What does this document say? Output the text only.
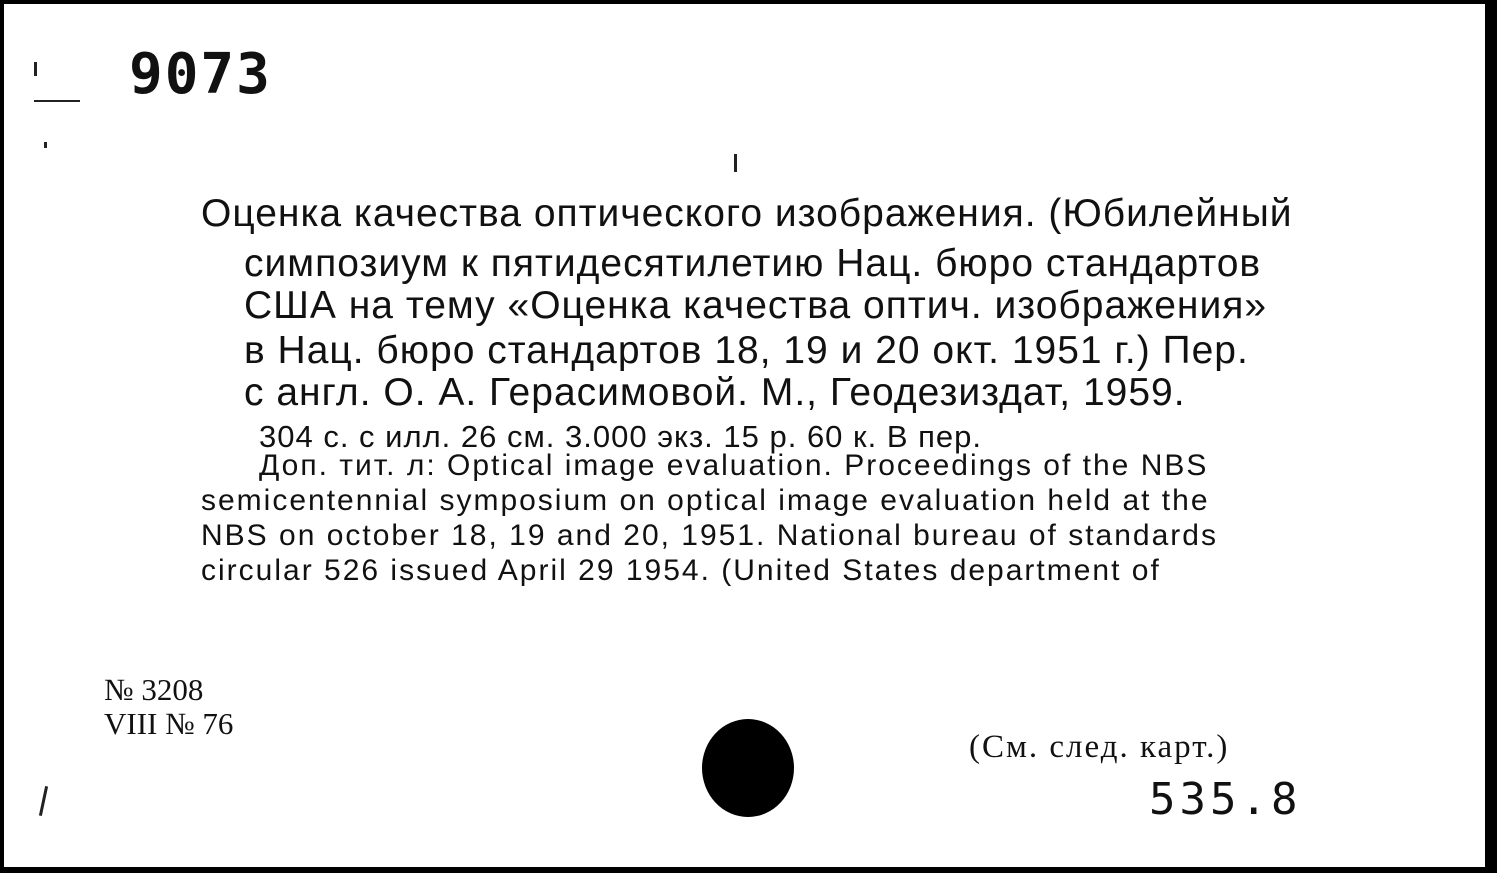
9073
Оценка качества оптического изображения. (Юбилейный
симпозиум к пятидесятилетию Нац. бюро стандартов
США на тему «Оценка качества оптич. изображения»
в Нац. бюро стандартов 18, 19 и 20 окт. 1951 г.) Пер.
с англ. О. А. Герасимовой. М., Геодезиздат, 1959.
304 с. с илл. 26 см. 3.000 экз. 15 р. 60 к. В пер.
Доп. тит. л: Optical image evaluation. Proceedings of the NBS
semicentennial symposium on optical image evaluation held at the
NBS on october 18, 19 and 20, 1951. National bureau of standards
circular 526 issued April 29 1954. (United States department of
№ 3208
VIII № 76
(См. след. карт.)
535.8
